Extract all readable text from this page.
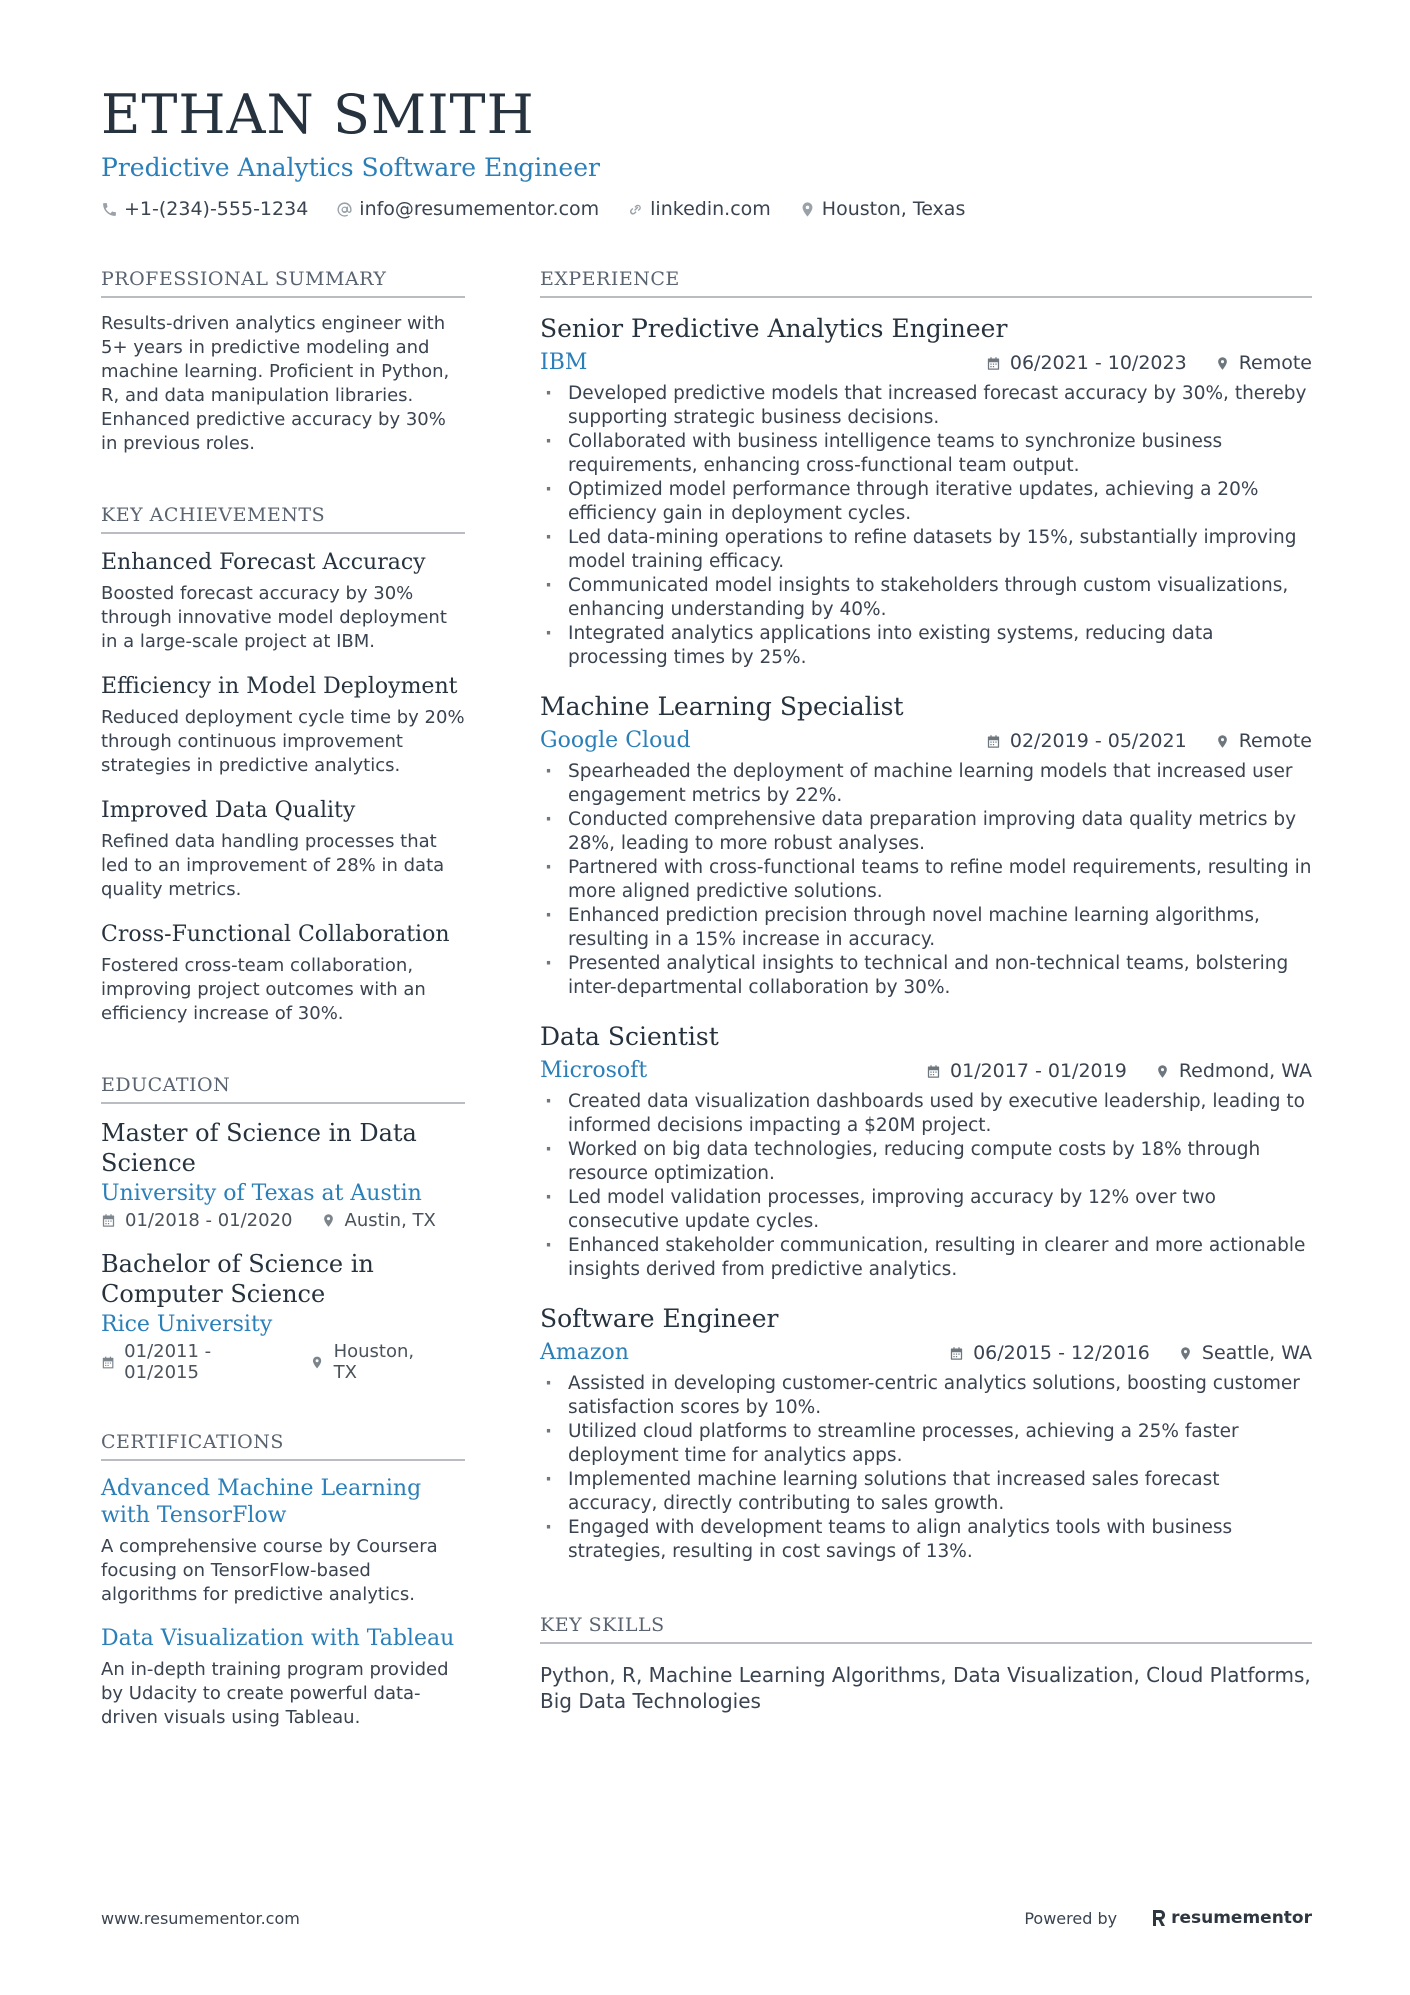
ETHAN SMITH
Predictive Analytics Software Engineer
+1-(234)-555-1234	info@resumementor.com	linkedin.com	Houston, Texas
PROFESSIONAL SUMMARY
Results-driven analytics engineer with 5+ years in predictive modeling and machine learning. Proficient in Python, R, and data manipulation libraries. Enhanced predictive accuracy by 30% in previous roles.
KEY ACHIEVEMENTS
Enhanced Forecast Accuracy
Boosted forecast accuracy by 30% through innovative model deployment in a large-scale project at IBM.
Efficiency in Model Deployment
Reduced deployment cycle time by 20% through continuous improvement strategies in predictive analytics.
Improved Data Quality
Refined data handling processes that led to an improvement of 28% in data quality metrics.
Cross-Functional Collaboration
Fostered cross-team collaboration, improving project outcomes with an efficiency increase of 30%.
EDUCATION
Master of Science in Data Science
University of Texas at Austin
01/2018 - 01/2020	Austin, TX
Bachelor of Science in Computer Science
Rice University
01/2011 - 01/2015
Houston, TX
CERTIFICATIONS
Advanced Machine Learning with TensorFlow
A comprehensive course by Coursera focusing on TensorFlow-based algorithms for predictive analytics.
Data Visualization with Tableau
An in-depth training program provided by Udacity to create powerful data-driven visuals using Tableau.
EXPERIENCE
Senior Predictive Analytics Engineer
IBM	06/2021 - 10/2023	Remote
· Developed predictive models that increased forecast accuracy by 30%, thereby supporting strategic business decisions.
· Collaborated with business intelligence teams to synchronize business requirements, enhancing cross-functional team output.
· Optimized model performance through iterative updates, achieving a 20% efficiency gain in deployment cycles.
· Led data-mining operations to refine datasets by 15%, substantially improving model training efficacy.
· Communicated model insights to stakeholders through custom visualizations, enhancing understanding by 40%.
· Integrated analytics applications into existing systems, reducing data processing times by 25%.
Machine Learning Specialist
Google Cloud	02/2019 - 05/2021	Remote
· Spearheaded the deployment of machine learning models that increased user engagement metrics by 22%.
· Conducted comprehensive data preparation improving data quality metrics by 28%, leading to more robust analyses.
· Partnered with cross-functional teams to refine model requirements, resulting in more aligned predictive solutions.
· Enhanced prediction precision through novel machine learning algorithms, resulting in a 15% increase in accuracy.
· Presented analytical insights to technical and non-technical teams, bolstering inter-departmental collaboration by 30%.
Data Scientist
Microsoft	01/2017 - 01/2019	Redmond, WA
· Created data visualization dashboards used by executive leadership, leading to informed decisions impacting a $20M project.
· Worked on big data technologies, reducing compute costs by 18% through resource optimization.
· Led model validation processes, improving accuracy by 12% over two consecutive update cycles.
· Enhanced stakeholder communication, resulting in clearer and more actionable insights derived from predictive analytics.
Software Engineer
Amazon	06/2015 - 12/2016	Seattle, WA
· Assisted in developing customer-centric analytics solutions, boosting customer satisfaction scores by 10%.
· Utilized cloud platforms to streamline processes, achieving a 25% faster deployment time for analytics apps.
· Implemented machine learning solutions that increased sales forecast accuracy, directly contributing to sales growth.
· Engaged with development teams to align analytics tools with business strategies, resulting in cost savings of 13%.
KEY SKILLS
Python, R, Machine Learning Algorithms, Data Visualization, Cloud Platforms, Big Data Technologies
www.resumementor.com	Powered by	resumementor
